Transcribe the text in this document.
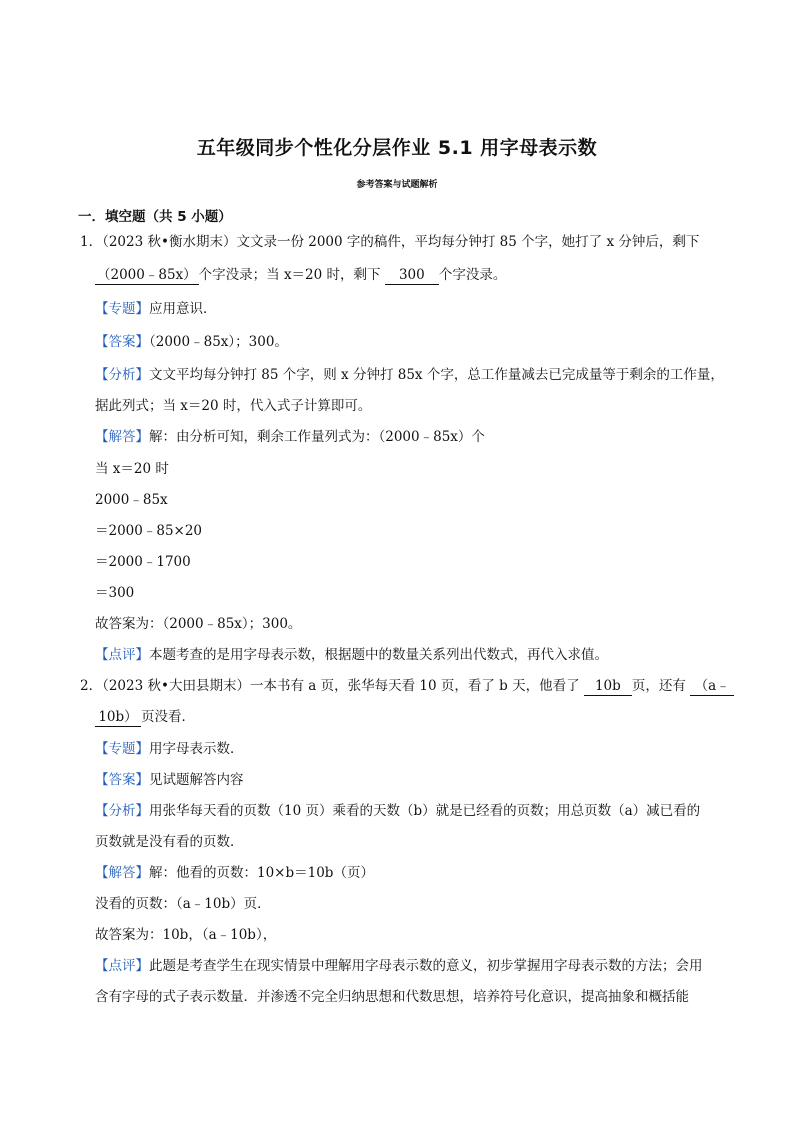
五年级同步个性化分层作业 5.1 用字母表示数
参考答案与试题解析
一．填空题（共 5 小题）
1．（2023 秋•衡水期末）文文录一份 2000 字的稿件，平均每分钟打 85 个字，她打了 x 分钟后，剩下
（2000﹣85x） 个字没录；当 x＝20 时，剩下 300 个字没录。
【专题】应用意识．
【答案】（2000﹣85x）；300。
【分析】文文平均每分钟打 85 个字，则 x 分钟打 85x 个字，总工作量减去已完成量等于剩余的工作量，
据此列式；当 x＝20 时，代入式子计算即可。
【解答】解：由分析可知，剩余工作量列式为：（2000﹣85x）个
当 x＝20 时
2000﹣85x
＝2000﹣85×20
＝2000﹣1700
＝300
故答案为：（2000﹣85x）；300。
【点评】本题考查的是用字母表示数，根据题中的数量关系列出代数式，再代入求值。
2．（2023 秋•大田县期末）一本书有 a 页，张华每天看 10 页，看了 b 天，他看了 10b 页，还有 （a﹣
10b） 页没看．
【专题】用字母表示数．
【答案】见试题解答内容
【分析】用张华每天看的页数（10 页）乘看的天数（b）就是已经看的页数；用总页数（a）减已看的
页数就是没有看的页数．
【解答】解：他看的页数：10×b＝10b（页）
没看的页数：（a﹣10b）页．
故答案为：10b，（a﹣10b），
【点评】此题是考查学生在现实情景中理解用字母表示数的意义，初步掌握用字母表示数的方法；会用
含有字母的式子表示数量．并渗透不完全归纳思想和代数思想，培养符号化意识，提高抽象和概括能
